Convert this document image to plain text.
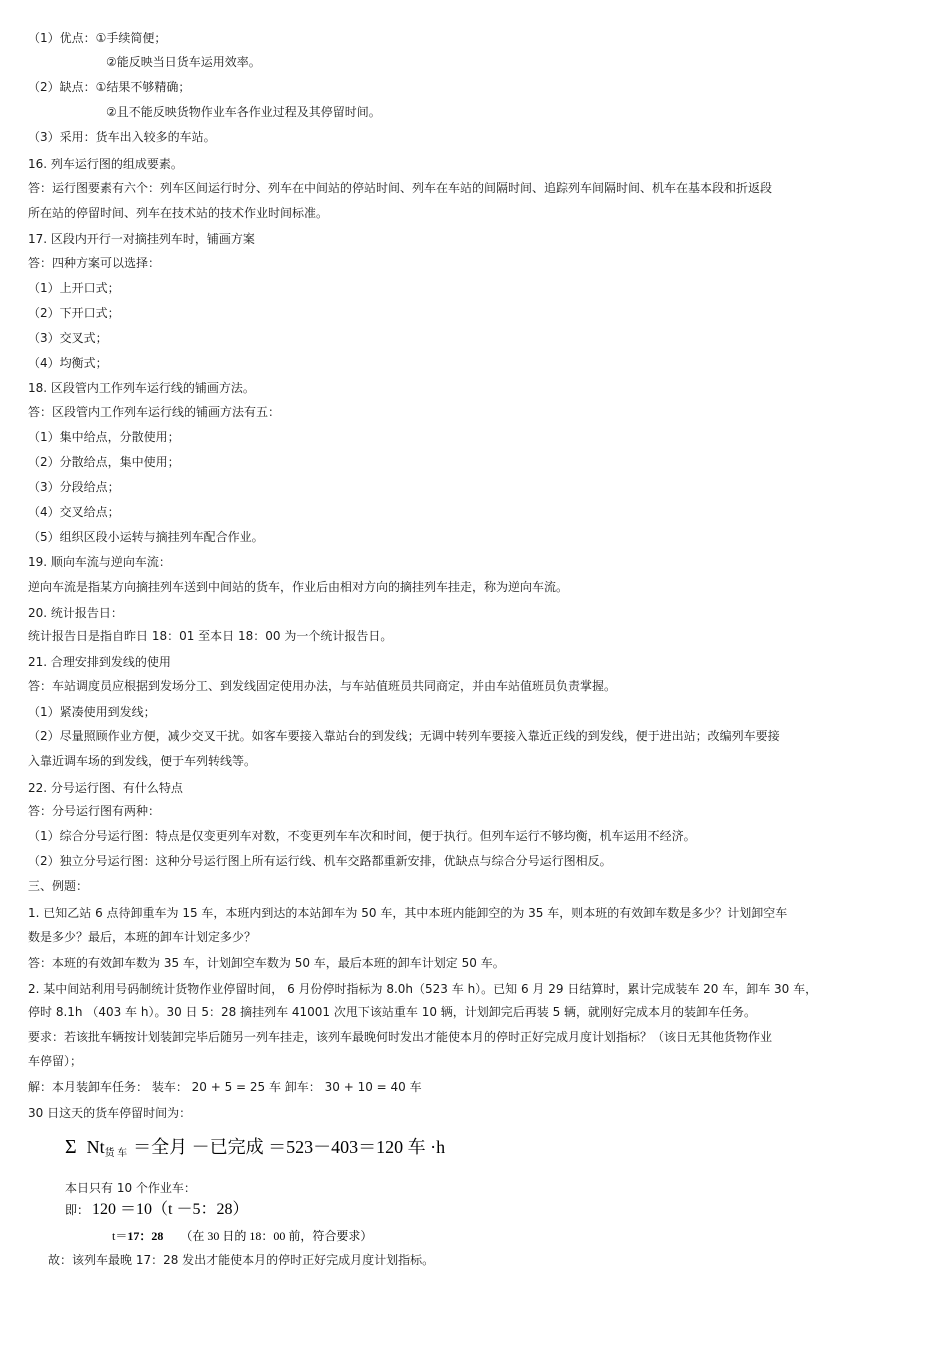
（1）优点：①手续简便；
②能反映当日货车运用效率。
（2）缺点：①结果不够精确；
②且不能反映货物作业车各作业过程及其停留时间。
（3）采用：货车出入较多的车站。
16. 列车运行图的组成要素。
答：运行图要素有六个：列车区间运行时分、列车在中间站的停站时间、列车在车站的间隔时间、追踪列车间隔时间、机车在基本段和折返段
所在站的停留时间、列车在技术站的技术作业时间标准。
17. 区段内开行一对摘挂列车时，铺画方案
答：四种方案可以选择：
（1）上开口式；
（2）下开口式；
（3）交叉式；
（4）均衡式；
18. 区段管内工作列车运行线的铺画方法。
答：区段管内工作列车运行线的铺画方法有五：
（1）集中给点，分散使用；
（2）分散给点，集中使用；
（3）分段给点；
（4）交叉给点；
（5）组织区段小运转与摘挂列车配合作业。
19. 顺向车流与逆向车流：
逆向车流是指某方向摘挂列车送到中间站的货车，作业后由相对方向的摘挂列车挂走，称为逆向车流。
20. 统计报告日：
统计报告日是指自昨日 18：01 至本日 18：00 为一个统计报告日。
21. 合理安排到发线的使用
答：车站调度员应根据到发场分工、到发线固定使用办法，与车站值班员共同商定，并由车站值班员负责掌握。
（1）紧凑使用到发线；
（2）尽量照顾作业方便，减少交叉干扰。如客车要接入靠站台的到发线；无调中转列车要接入靠近正线的到发线，便于进出站；改编列车要接
入靠近调车场的到发线，便于车列转线等。
22. 分号运行图、有什么特点
答：分号运行图有两种：
（1）综合分号运行图：特点是仅变更列车对数，不变更列车车次和时间，便于执行。但列车运行不够均衡，机车运用不经济。
（2）独立分号运行图：这种分号运行图上所有运行线、机车交路都重新安排，优缺点与综合分号运行图相反。
三、例题：
1. 已知乙站 6 点待卸重车为 15 车，本班内到达的本站卸车为 50 车，其中本班内能卸空的为 35 车，则本班的有效卸车数是多少？计划卸空车
数是多少？最后，本班的卸车计划定多少？
答：本班的有效卸车数为 35 车，计划卸空车数为 50 车，最后本班的卸车计划定 50 车。
2. 某中间站利用号码制统计货物作业停留时间， 6 月份停时指标为 8.0h（523 车 h）。已知 6 月 29 日结算时，累计完成装车 20 车，卸车 30 车，
停时 8.1h （403 车 h）。30 日 5：28 摘挂列车 41001 次甩下该站重车 10 辆，计划卸完后再装 5 辆，就刚好完成本月的装卸车任务。
要求：若该批车辆按计划装卸完毕后随另一列车挂走，该列车最晚何时发出才能使本月的停时正好完成月度计划指标？（该日无其他货物作业
车停留）；
解：本月装卸车任务： 装车： 20 + 5 = 25 车 卸车： 30 + 10 = 40 车
30 日这天的货车停留时间为：
本日只有 10 个作业车：
故：该列车最晚 17：28 发出才能使本月的停时正好完成月度计划指标。
Σ $Nt_{货 车}$ ＝全月 －已完成 ＝523－403＝120 车 ·h
即： 120 ＝10（t －5：28）
t＝17：28 （在 30 日的 18：00 前，符合要求）
